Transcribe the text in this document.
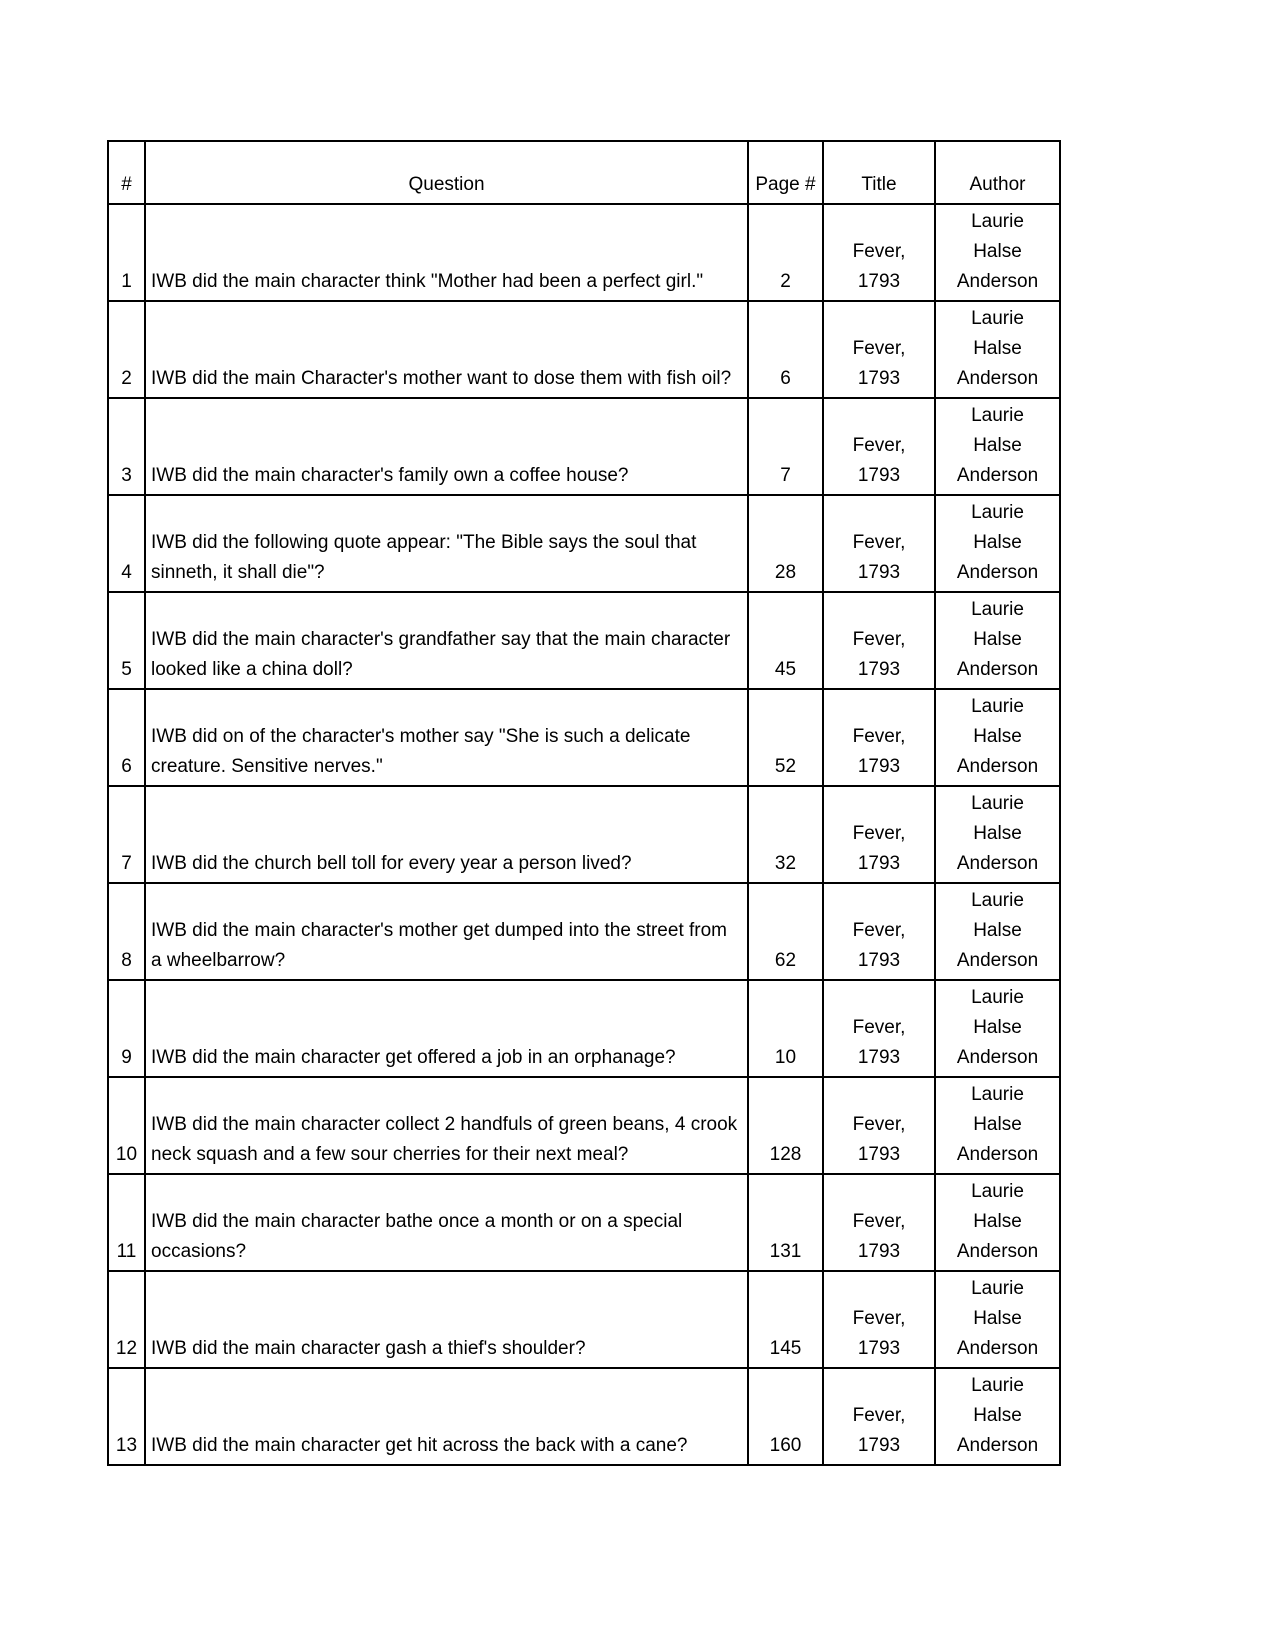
#	Question	Page #	Title	Author
1	IWB did the main character think "Mother had been a perfect girl."	2	Fever, 1793	Laurie Halse Anderson
2	IWB did the main Character's mother want to dose them with fish oil?	6	Fever, 1793	Laurie Halse Anderson
3	IWB did the main character's family own a coffee house?	7	Fever, 1793	Laurie Halse Anderson
4	IWB did the following quote appear: "The Bible says the soul that sinneth, it shall die"?	28	Fever, 1793	Laurie Halse Anderson
5	IWB did the main character's grandfather say that the main character looked like a china doll?	45	Fever, 1793	Laurie Halse Anderson
6	IWB did on of the character's mother say "She is such a delicate creature. Sensitive nerves."	52	Fever, 1793	Laurie Halse Anderson
7	IWB did the church bell toll for every year a person lived?	32	Fever, 1793	Laurie Halse Anderson
8	IWB did the main character's mother get dumped into the street from a wheelbarrow?	62	Fever, 1793	Laurie Halse Anderson
9	IWB did the main character get offered a job in an orphanage?	10	Fever, 1793	Laurie Halse Anderson
10	IWB did the main character collect 2 handfuls of green beans, 4 crook neck squash and a few sour cherries for their next meal?	128	Fever, 1793	Laurie Halse Anderson
11	IWB did the main character bathe once a month or on a special occasions?	131	Fever, 1793	Laurie Halse Anderson
12	IWB did the main character gash a thief's shoulder?	145	Fever, 1793	Laurie Halse Anderson
13	IWB did the main character get hit across the back with a cane?	160	Fever, 1793	Laurie Halse Anderson
